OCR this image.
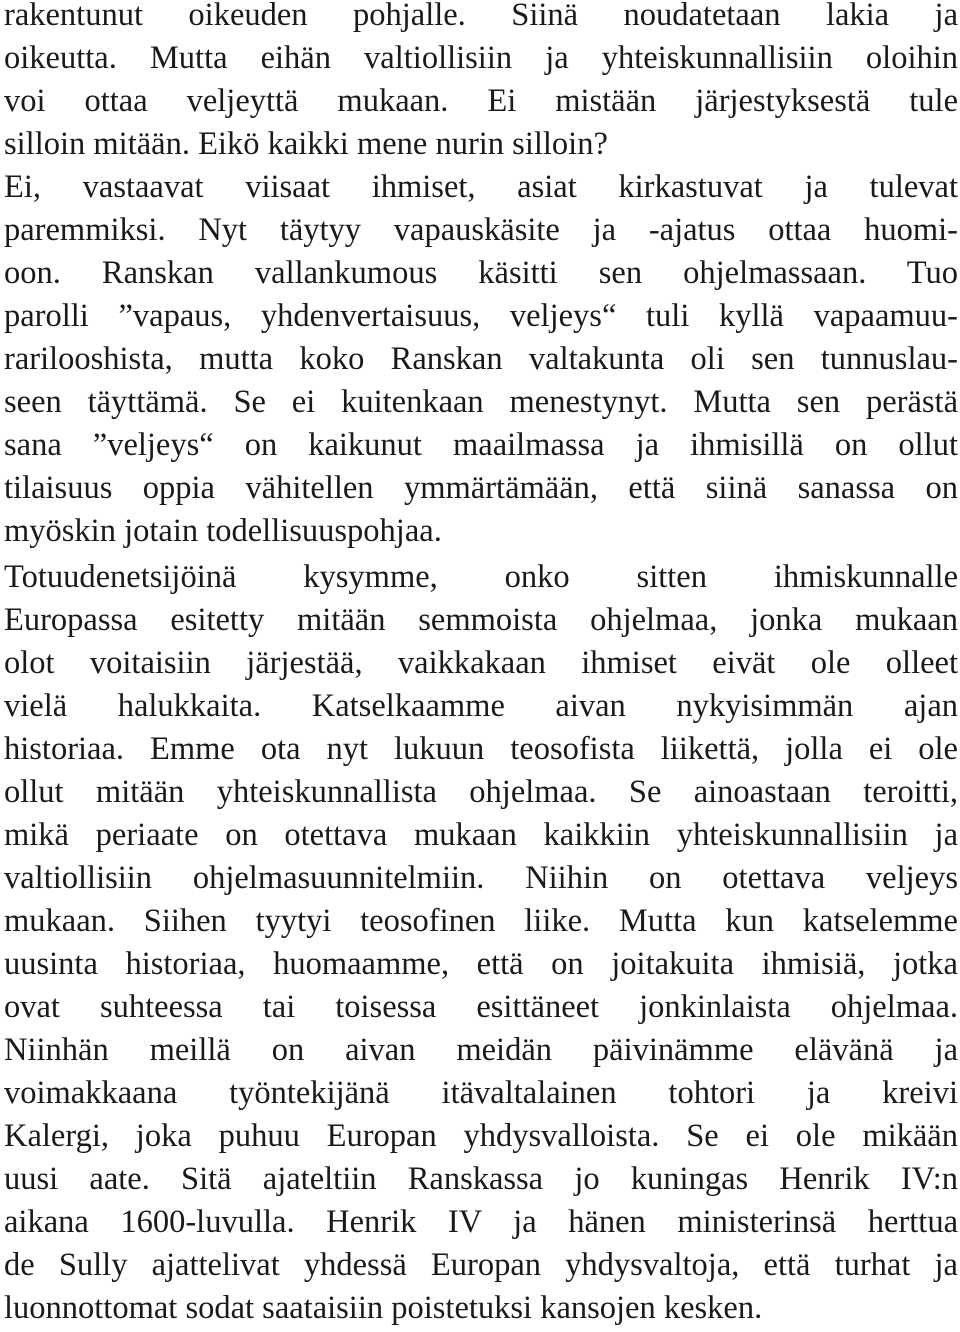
rakentunut oikeuden pohjalle. Siinä noudatetaan lakia ja
oikeutta. Mutta eihän valtiollisiin ja yhteiskunnallisiin oloihin
voi ottaa veljeyttä mukaan. Ei mistään järjestyksestä tule
silloin mitään. Eikö kaikki mene nurin silloin?
Ei, vastaavat viisaat ihmiset, asiat kirkastuvat ja tulevat
paremmiksi. Nyt täytyy vapauskäsite ja -ajatus ottaa huomi-
oon. Ranskan vallankumous käsitti sen ohjelmassaan. Tuo
parolli ”vapaus, yhdenvertaisuus, veljeys“ tuli kyllä vapaamuu-
rarilooshista, mutta koko Ranskan valtakunta oli sen tunnuslau-
seen täyttämä. Se ei kuitenkaan menestynyt. Mutta sen perästä
sana ”veljeys“ on kaikunut maailmassa ja ihmisillä on ollut
tilaisuus oppia vähitellen ymmärtämään, että siinä sanassa on
myöskin jotain todellisuuspohjaa.
Totuudenetsijöinä kysymme, onko sitten ihmiskunnalle
Europassa esitetty mitään semmoista ohjelmaa, jonka mukaan
olot voitaisiin järjestää, vaikkakaan ihmiset eivät ole olleet
vielä halukkaita. Katselkaamme aivan nykyisimmän ajan
historiaa. Emme ota nyt lukuun teosofista liikettä, jolla ei ole
ollut mitään yhteiskunnallista ohjelmaa. Se ainoastaan teroitti,
mikä periaate on otettava mukaan kaikkiin yhteiskunnallisiin ja
valtiollisiin ohjelmasuunnitelmiin. Niihin on otettava veljeys
mukaan. Siihen tyytyi teosofinen liike. Mutta kun katselemme
uusinta historiaa, huomaamme, että on joitakuita ihmisiä, jotka
ovat suhteessa tai toisessa esittäneet jonkinlaista ohjelmaa.
Niinhän meillä on aivan meidän päivinämme elävänä ja
voimakkaana työntekijänä itävaltalainen tohtori ja kreivi
Kalergi, joka puhuu Europan yhdysvalloista. Se ei ole mikään
uusi aate. Sitä ajateltiin Ranskassa jo kuningas Henrik IV:n
aikana 1600-luvulla. Henrik IV ja hänen ministerinsä herttua
de Sully ajattelivat yhdessä Europan yhdysvaltoja, että turhat ja
luonnottomat sodat saataisiin poistetuksi kansojen kesken.
